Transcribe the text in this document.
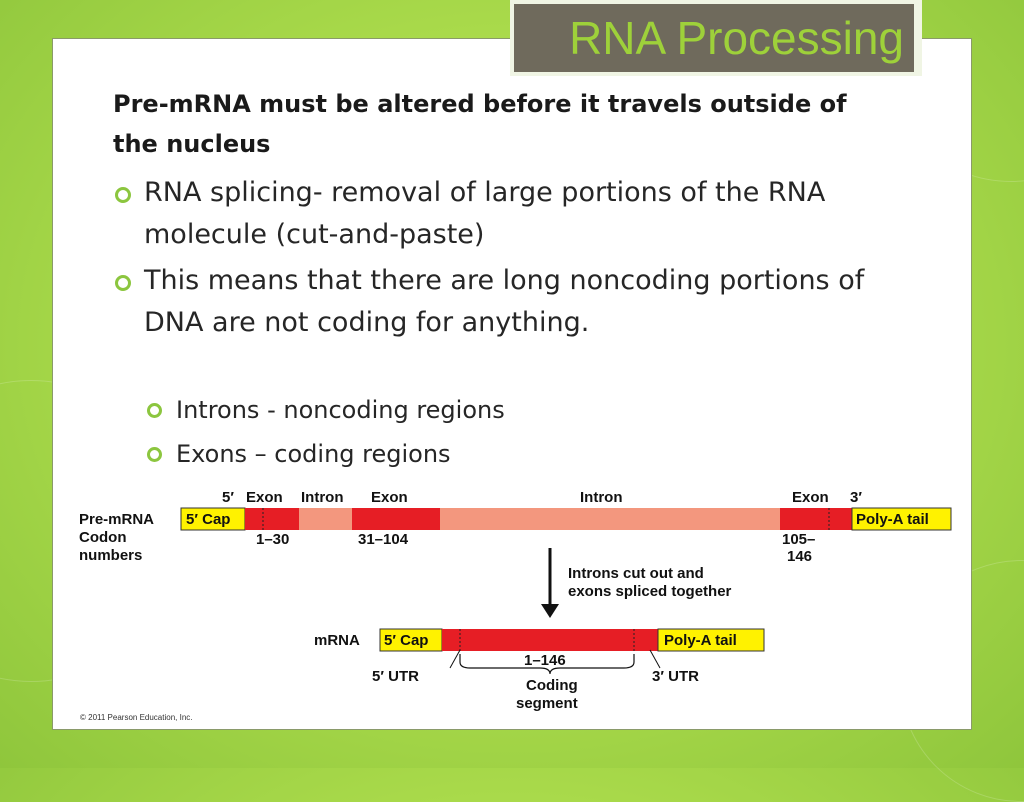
RNA Processing
Pre-mRNA must be altered before it travels outside of the nucleus
RNA splicing- removal of large portions of the RNA molecule (cut-and-paste)
This means that there are long noncoding portions of DNA are not coding for anything.
Introns - noncoding regions
Exons – coding regions
5′ Exon Intron Exon	Intron	Exon 3′
5′ Cap	Poly-A tail
Pre-mRNA
Codon
numbers
1–30	31–104	105–
146
Introns cut out and
exons spliced together
mRNA 5′ Cap	Poly-A tail
1–146
5′ UTR	3′ UTR
Coding
segment
© 2011 Pearson Education, Inc.
